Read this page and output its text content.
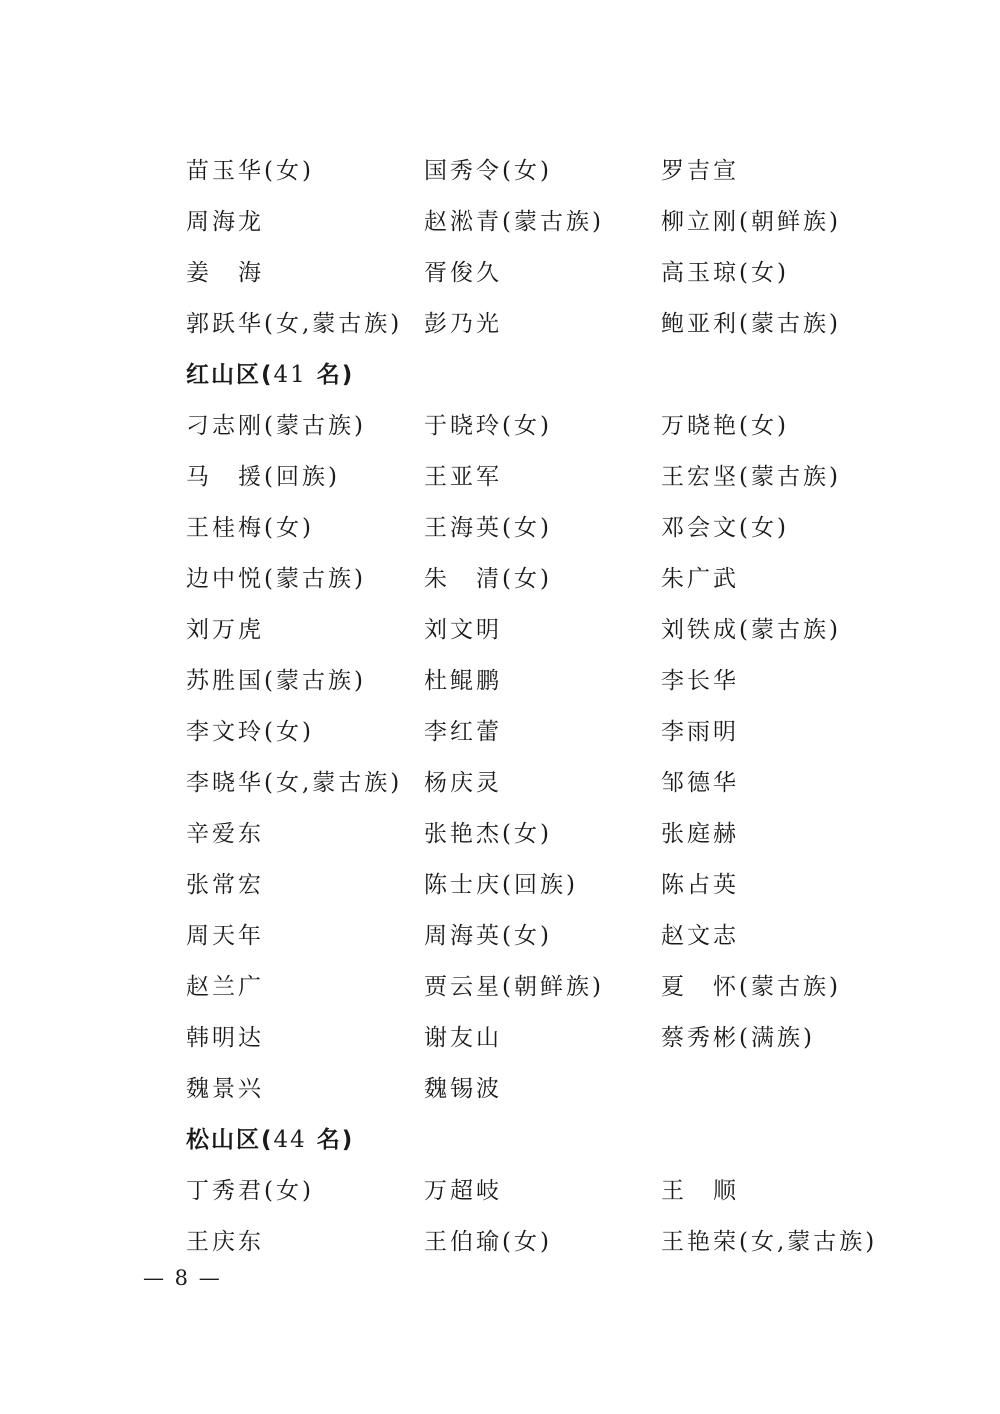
苗玉华(女)	国秀令(女)	罗吉宣
周海龙	赵淞青(蒙古族) 柳立刚(朝鲜族)
姜　海	胥俊久	高玉琼(女)
郭跃华(女,蒙古族) 彭乃光	鲍亚利(蒙古族)
红山区(41 名)
刁志刚(蒙古族)	于晓玲(女)	万晓艳(女)
马　援(回族)	王亚军	王宏坚(蒙古族)
王桂梅(女)	王海英(女)	邓会文(女)
边中悦(蒙古族)	朱　清(女)	朱广武
刘万虎	刘文明	刘铁成(蒙古族)
苏胜国(蒙古族)	杜鲲鹏	李长华
李文玲(女)	李红蕾	李雨明
李晓华(女,蒙古族) 杨庆灵	邹德华
辛爱东	张艳杰(女)	张庭赫
张常宏	陈士庆(回族)	陈占英
周天年	周海英(女)	赵文志
赵兰广	贾云星(朝鲜族) 夏　怀(蒙古族)
韩明达	谢友山	蔡秀彬(满族)
魏景兴	魏锡波
松山区(44 名)
丁秀君(女)	万超岐	王　顺
王庆东	王伯瑜(女)	王艳荣(女,蒙古族)
— 8 —
